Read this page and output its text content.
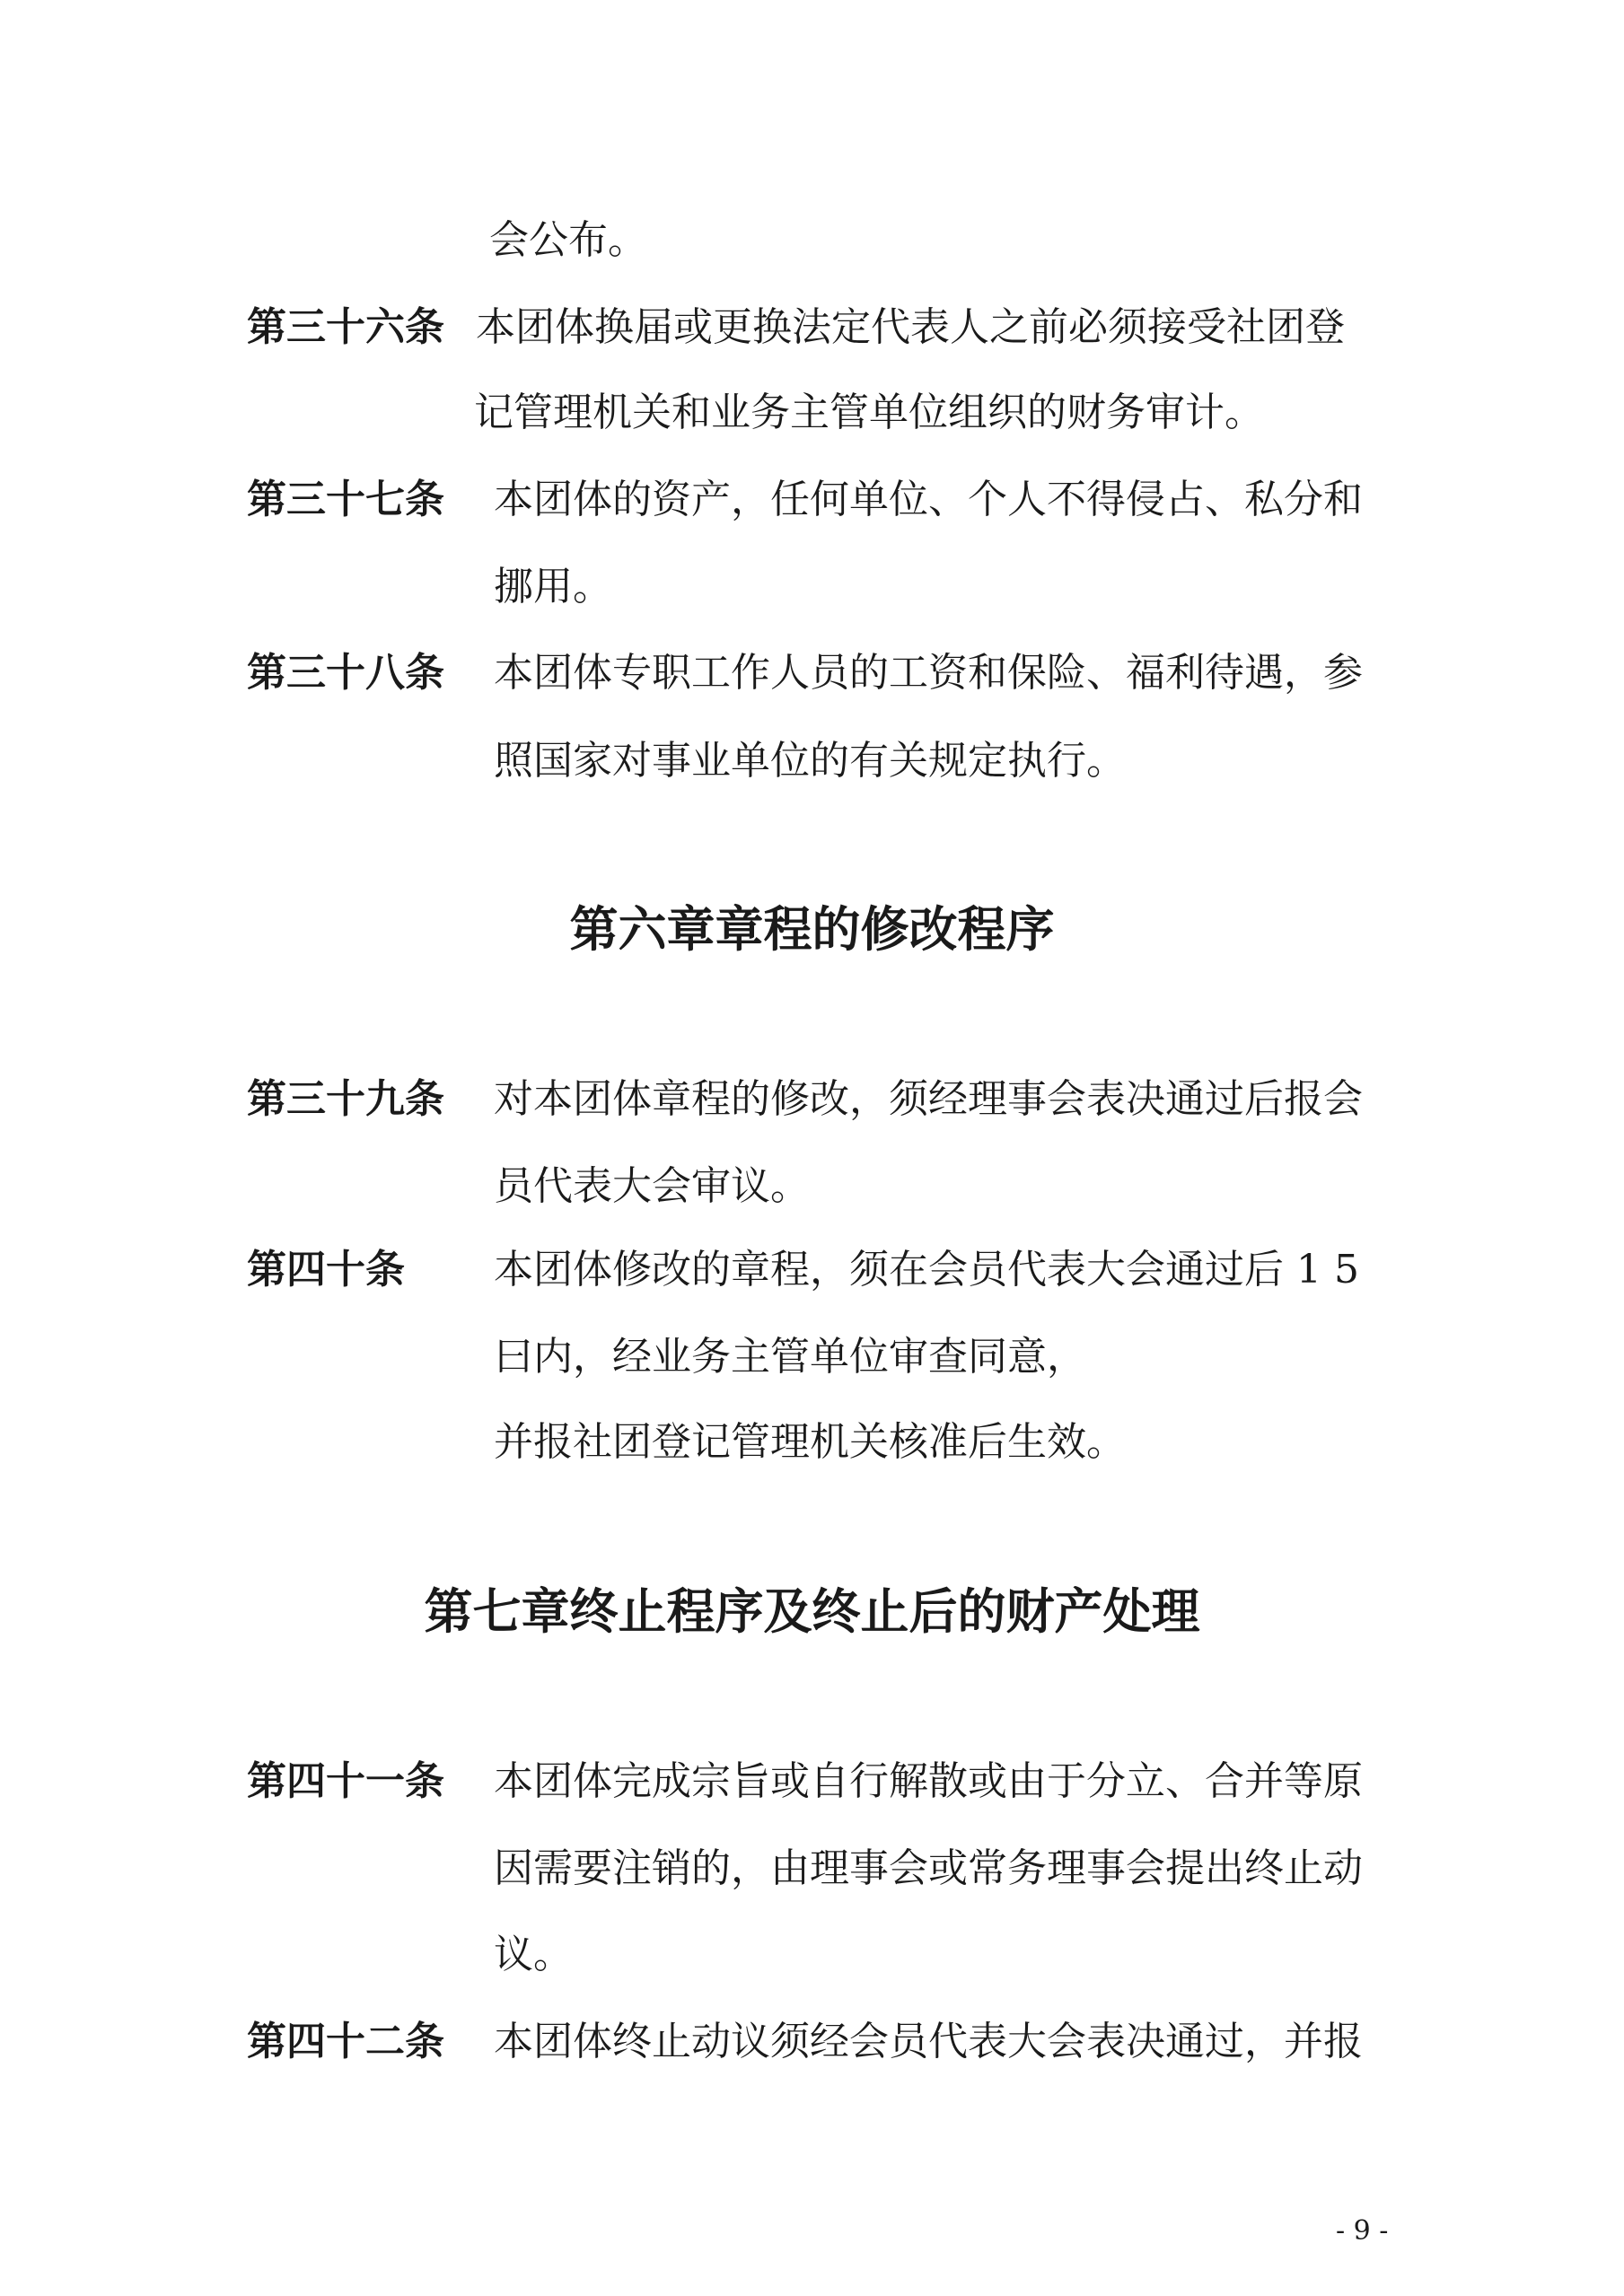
会公布。
第三十六条 本团体换届或更换法定代表人之前必须接受社团登
记管理机关和业务主管单位组织的财务审计。
第三十七条 本团体的资产，任何单位、个人不得侵占、私分和
挪用。
第三十八条 本团体专职工作人员的工资和保险、福利待遇，参
照国家对事业单位的有关规定执行。
第六章章程的修改程序
第三十九条 对本团体章程的修改，须经理事会表决通过后报会
员代表大会审议。
第四十条 本团体修改的章程，须在会员代表大会通过后 1 5
曰内，经业务主管单位审查同意，
并报社团登记管理机关核准后生效。
第七章终止程序及终止后的财产处理
第四十一条 本团体完成宗旨或自行解散或由于分立、合并等原
因需要注销的，由理事会或常务理事会提出终止动
议。
第四十二条 本团体终止动议须经会员代表大会表决通过，并报
- 9 -
